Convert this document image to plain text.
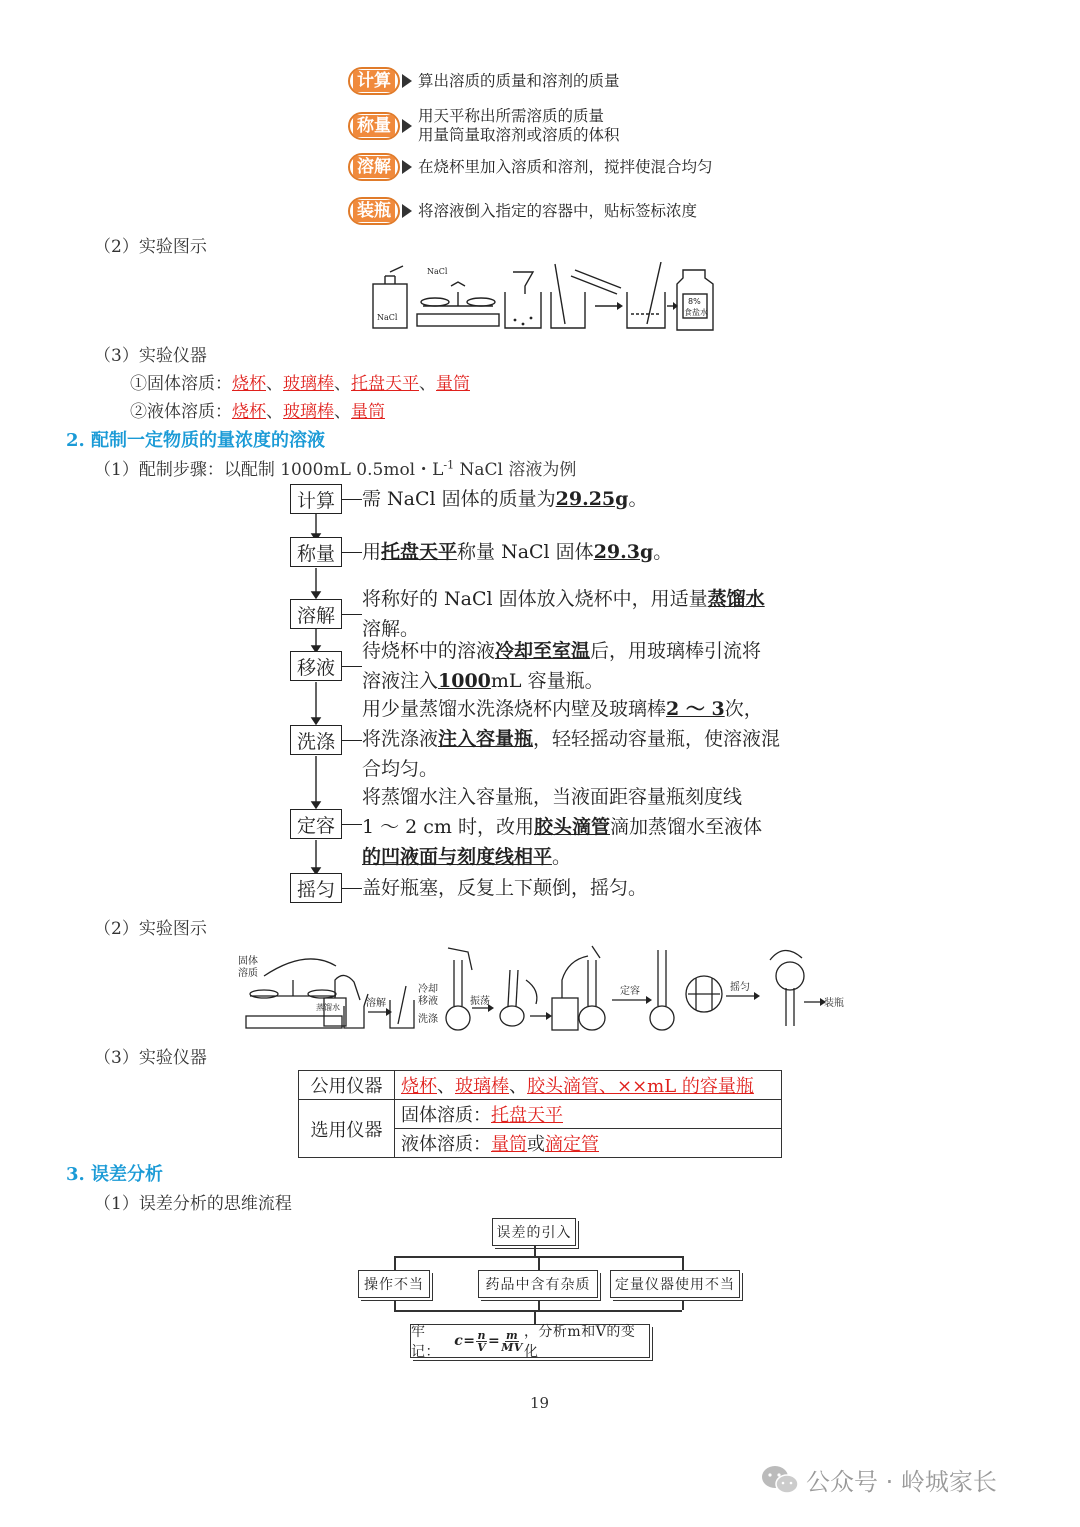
计算 算出溶质的质量和溶剂的质量
称量 用天平称出所需溶质的质量
用量筒量取溶剂或溶质的体积
溶解 在烧杯里加入溶质和溶剂，搅拌使混合均匀
装瓶 将溶液倒入指定的容器中，贴标签标浓度
（2）实验图示
NaCl
NaCl
8%
食盐水
（3）实验仪器
①固体溶质：烧杯、玻璃棒、托盘天平、量筒
②液体溶质：烧杯、玻璃棒、量筒
2. 配制一定物质的量浓度的溶液
（1）配制步骤：以配制 1000mL 0.5mol・$L^{-1}$ NaCl 溶液为例
计算	需 NaCl 固体的质量为29.25g。
称量	用托盘天平称量 NaCl 固体29.3g。
溶解
将称好的 NaCl 固体放入烧杯中，用适量蒸馏水
溶解。
移液
待烧杯中的溶液冷却至室温后，用玻璃棒引流将
溶液注入1000mL 容量瓶。
洗涤
用少量蒸馏水洗涤烧杯内壁及玻璃棒2 ～ 3次，
将洗涤液注入容量瓶，轻轻摇动容量瓶，使溶液混
合均匀。
定容
将蒸馏水注入容量瓶，当液面距容量瓶刻度线
1 ～ 2 cm 时，改用胶头滴管滴加蒸馏水至液体
的凹液面与刻度线相平。
摇匀	盖好瓶塞，反复上下颠倒，摇匀。
（2）实验图示
固体
溶质
蒸馏水	溶解
冷却
移液
洗涤
振荡
定容	摇匀
装瓶
（3）实验仪器
公用仪器	烧杯、玻璃棒、胶头滴管、××mL 的容量瓶
选用仪器	固体溶质：托盘天平
	液体溶质：量筒或滴定管
3. 误差分析
（1）误差分析的思维流程
误差的引入
操作不当	药品中含有杂质	定量仪器使用不当
牢记：
c= n
V = m
MV
，分析m和V的变化
19
公众号 · 岭城家长
